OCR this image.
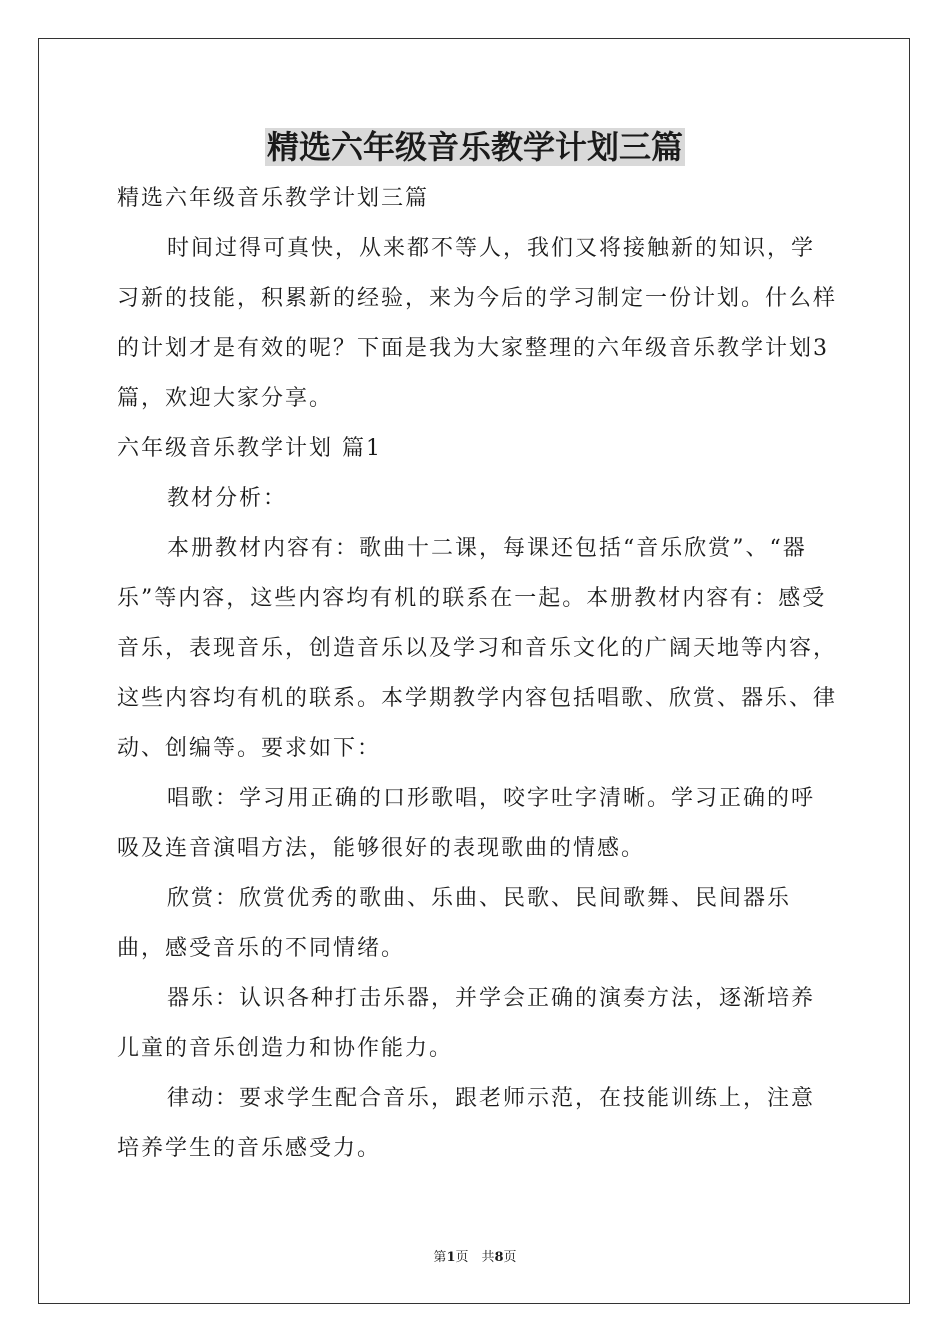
精选六年级音乐教学计划三篇

精选六年级音乐教学计划三篇

时间过得可真快，从来都不等人，我们又将接触新的知识，学习新的技能，积累新的经验，来为今后的学习制定一份计划。什么样的计划才是有效的呢？下面是我为大家整理的六年级音乐教学计划3篇，欢迎大家分享。

六年级音乐教学计划 篇1

教材分析：

本册教材内容有：歌曲十二课，每课还包括“音乐欣赏”、“器乐”等内容，这些内容均有机的联系在一起。本册教材内容有：感受音乐，表现音乐，创造音乐以及学习和音乐文化的广阔天地等内容，这些内容均有机的联系。本学期教学内容包括唱歌、欣赏、器乐、律动、创编等。要求如下：

唱歌：学习用正确的口形歌唱，咬字吐字清晰。学习正确的呼吸及连音演唱方法，能够很好的表现歌曲的情感。

欣赏：欣赏优秀的歌曲、乐曲、民歌、民间歌舞、民间器乐曲，感受音乐的不同情绪。

器乐：认识各种打击乐器，并学会正确的演奏方法，逐渐培养儿童的音乐创造力和协作能力。

律动：要求学生配合音乐，跟老师示范，在技能训练上，注意培养学生的音乐感受力。

第1页　共8页
